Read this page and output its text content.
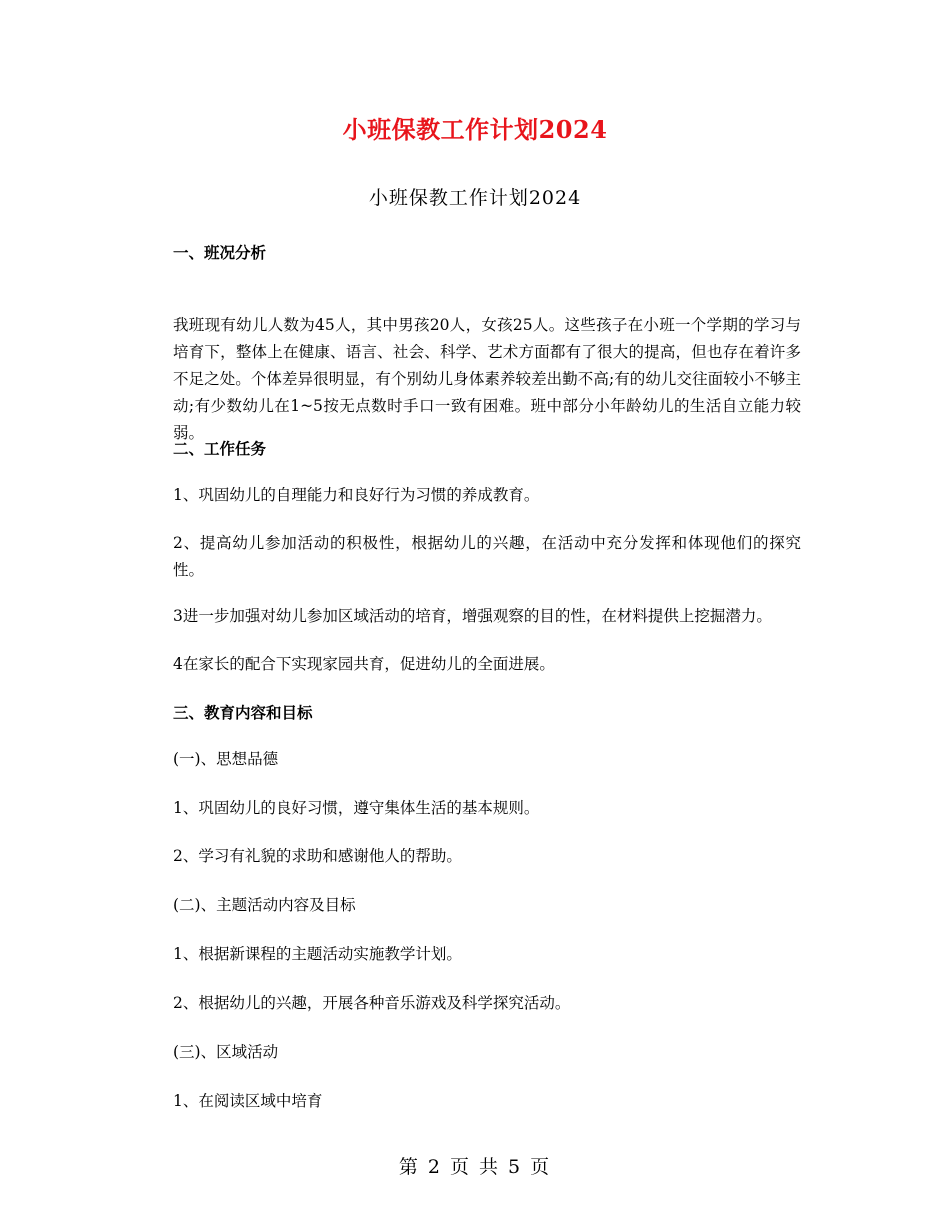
小班保教工作计划2024
小班保教工作计划2024
一、班况分析
我班现有幼儿人数为45人，其中男孩20人，女孩25人。这些孩子在小班一个学期的学习与培育下，整体上在健康、语言、社会、科学、艺术方面都有了很大的提高，但也存在着许多不足之处。个体差异很明显，有个别幼儿身体素养较差出勤不高;有的幼儿交往面较小不够主动;有少数幼儿在1~5按无点数时手口一致有困难。班中部分小年龄幼儿的生活自立能力较弱。
二、工作任务
1、巩固幼儿的自理能力和良好行为习惯的养成教育。
2、提高幼儿参加活动的积极性，根据幼儿的兴趣，在活动中充分发挥和体现他们的探究性。
3进一步加强对幼儿参加区域活动的培育，增强观察的目的性，在材料提供上挖掘潜力。
4在家长的配合下实现家园共育，促进幼儿的全面进展。
三、教育内容和目标
(一)、思想品德
1、巩固幼儿的良好习惯，遵守集体生活的基本规则。
2、学习有礼貌的求助和感谢他人的帮助。
(二)、主题活动内容及目标
1、根据新课程的主题活动实施教学计划。
2、根据幼儿的兴趣，开展各种音乐游戏及科学探究活动。
(三)、区域活动
1、在阅读区域中培育
第 2 页 共 5 页
